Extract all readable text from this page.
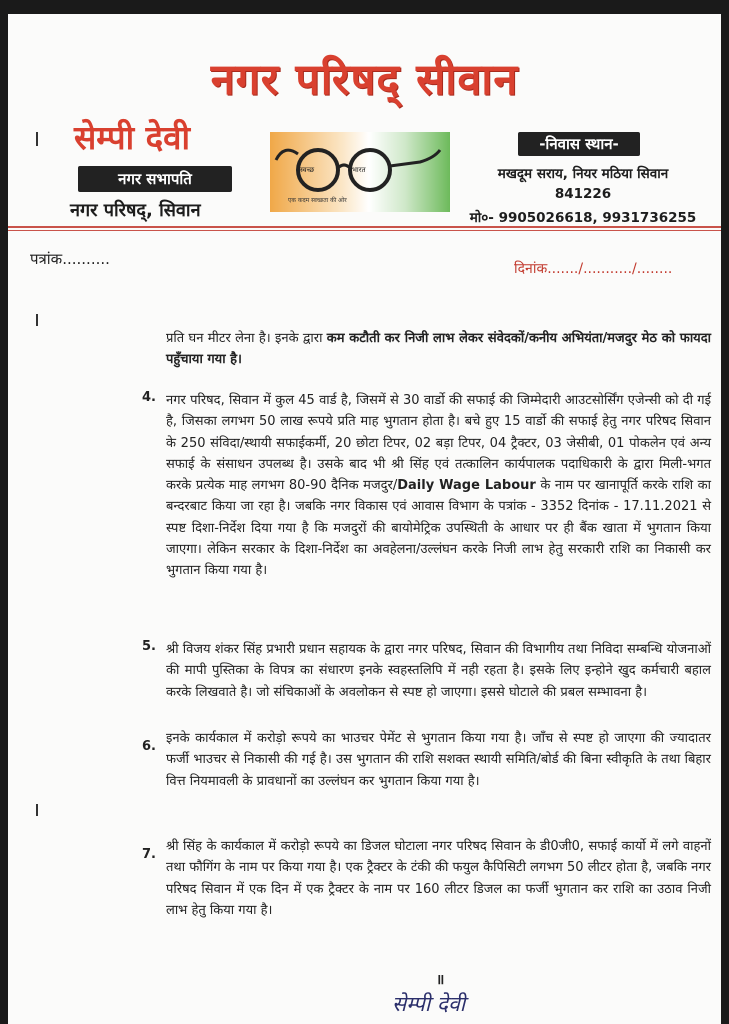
नगर परिषद् सीवान
सेम्पी देवी
नगर सभापति
नगर परिषद्, सिवान
स्वच्छ	भारत
एक कदम स्वच्छता की ओर
-निवास स्थान-
मखदूम सराय, नियर मठिया सिवान
841226
मो०- 9905026618, 9931736255
पत्रांक..........
दिनांक......./.........../........
प्रति घन मीटर लेना है। इनके द्वारा कम कटौती कर निजी लाभ लेकर संवेदकों/कनीय अभियंता/मजदुर मेठ को फायदा पहुँचाया गया है।
4. नगर परिषद, सिवान में कुल 45 वार्ड है, जिसमें से 30 वार्डो की सफाई की जिम्मेदारी आउटसोर्सिंग एजेन्सी को दी गई है, जिसका लगभग 50 लाख रूपये प्रति माह भुगतान होता है। बचे हुए 15 वार्डो की सफाई हेतु नगर परिषद सिवान के 250 संविदा/स्थायी सफाईकर्मी, 20 छोटा टिपर, 02 बड़ा टिपर, 04 ट्रैक्टर, 03 जेसीबी, 01 पोकलेन एवं अन्य सफाई के संसाधन उपलब्ध है। उसके बाद भी श्री सिंह एवं तत्कालिन कार्यपालक पदाधिकारी के द्वारा मिली-भगत करके प्रत्येक माह लगभग 80-90 दैनिक मजदुर/Daily Wage Labour के नाम पर खानापूर्ति करके राशि का बन्दरबाट किया जा रहा है। जबकि नगर विकास एवं आवास विभाग के पत्रांक - 3352 दिनांक - 17.11.2021 से स्पष्ट दिशा-निर्देश दिया गया है कि मजदुरों की बायोमेट्रिक उपस्थिती के आधार पर ही बैंक खाता में भुगतान किया जाएगा। लेकिन सरकार के दिशा-निर्देश का अवहेलना/उल्लंघन करके निजी लाभ हेतु सरकारी राशि का निकासी कर भुगतान किया गया है।
5. श्री विजय शंकर सिंह प्रभारी प्रधान सहायक के द्वारा नगर परिषद, सिवान की विभागीय तथा निविदा सम्बन्धि योजनाओं की मापी पुस्तिका के विपत्र का संधारण इनके स्वहस्तलिपि में नही रहता है। इसके लिए इन्होने खुद कर्मचारी बहाल करके लिखवाते है। जो संचिकाओं के अवलोकन से स्पष्ट हो जाएगा। इससे घोटाले की प्रबल सम्भावना है।
6.
इनके कार्यकाल में करोड़ो रूपये का भाउचर पेमेंट से भुगतान किया गया है। जाँच से स्पष्ट हो जाएगा की ज्यादातर फर्जी भाउचर से निकासी की गई है। उस भुगतान की राशि सशक्त स्थायी समिति/बोर्ड की बिना स्वीकृति के तथा बिहार वित्त नियमावली के प्रावधानों का उल्लंघन कर भुगतान किया गया है।
7.
श्री सिंह के कार्यकाल में करोड़ो रूपये का डिजल घोटाला नगर परिषद सिवान के डी0जी0, सफाई कार्यो में लगे वाहनों तथा फौगिंग के नाम पर किया गया है। एक ट्रैक्टर के टंकी की फयुल कैपिसिटी लगभग 50 लीटर होता है, जबकि नगर परिषद सिवान में एक दिन में एक ट्रैक्टर के नाम पर 160 लीटर डिजल का फर्जी भुगतान कर राशि का उठाव निजी लाभ हेतु किया गया है।
॥
सेम्पी देवी
